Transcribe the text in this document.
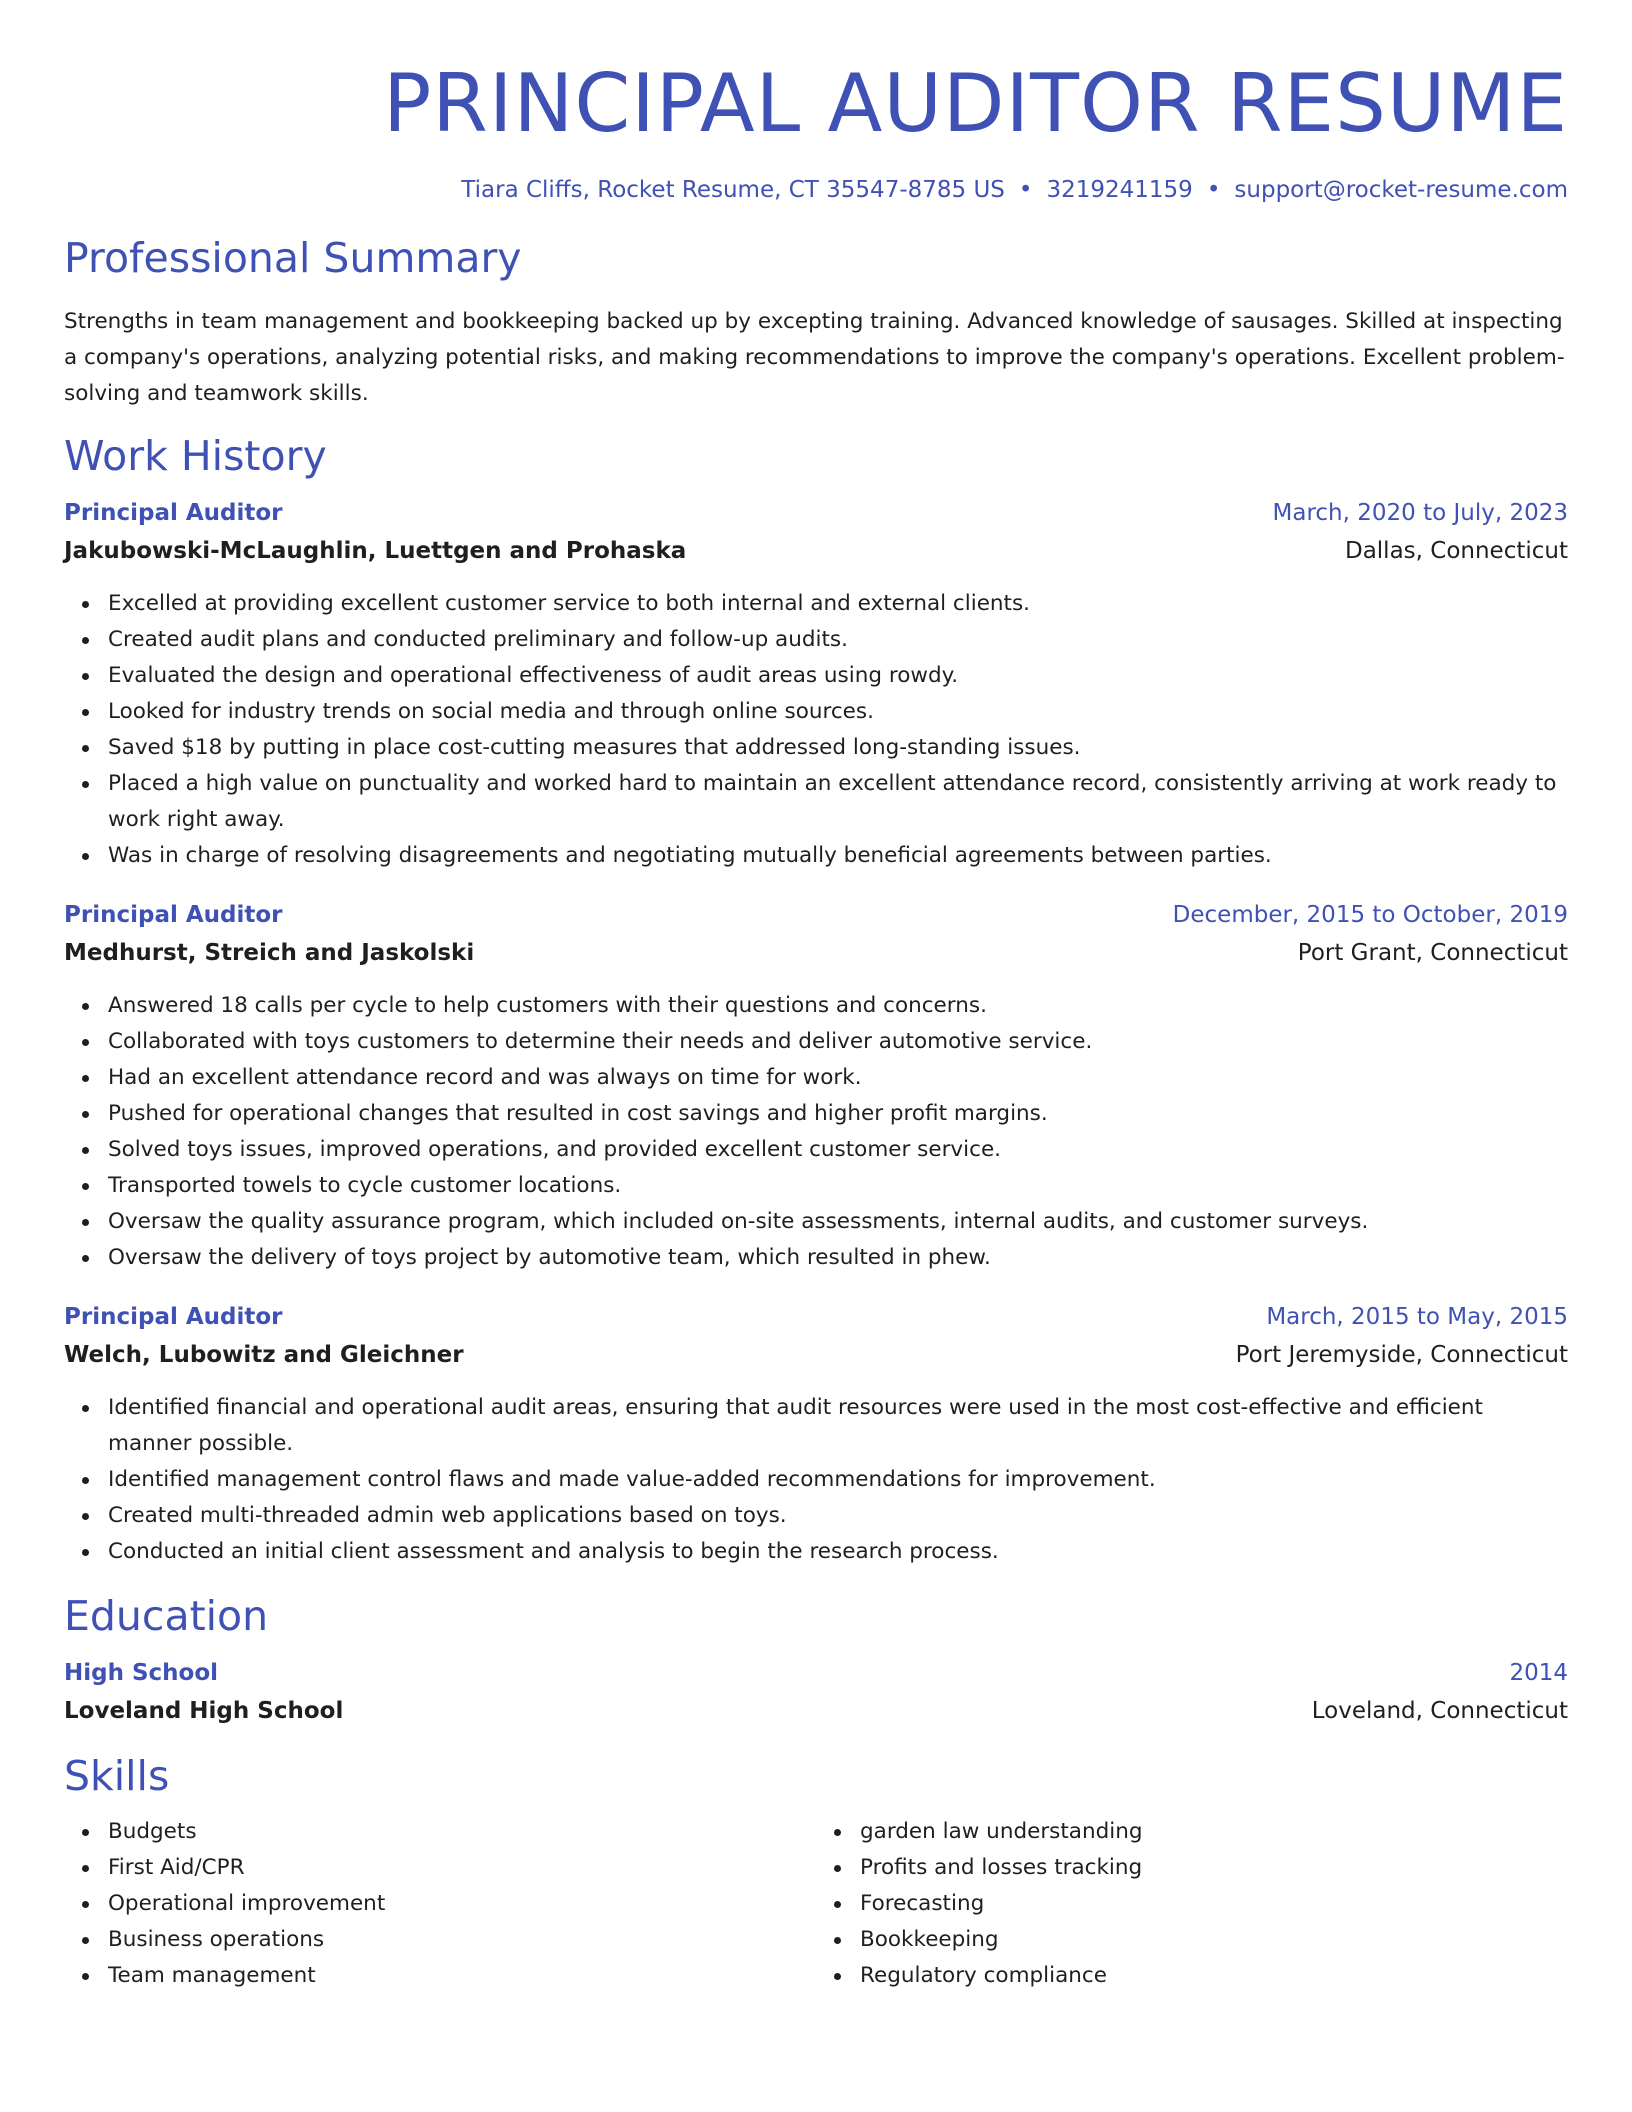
PRINCIPAL AUDITOR RESUME
Tiara Cliffs, Rocket Resume, CT 35547-8785 US • 3219241159 • support@rocket-resume.com
Professional Summary

Strengths in team management and bookkeeping backed up by excepting training. Advanced knowledge of sausages. Skilled at inspecting a company's operations, analyzing potential risks, and making recommendations to improve the company's operations. Excellent problem-solving and teamwork skills.

Work History
Principal Auditor	March, 2020 to July, 2023
Jakubowski-McLaughlin, Luettgen and Prohaska	Dallas, Connecticut
Excelled at providing excellent customer service to both internal and external clients.
Created audit plans and conducted preliminary and follow-up audits.
Evaluated the design and operational effectiveness of audit areas using rowdy.
Looked for industry trends on social media and through online sources.
Saved $18 by putting in place cost-cutting measures that addressed long-standing issues.
Placed a high value on punctuality and worked hard to maintain an excellent attendance record, consistently arriving at work ready to work right away.
Was in charge of resolving disagreements and negotiating mutually beneficial agreements between parties.
Principal Auditor	December, 2015 to October, 2019
Medhurst, Streich and Jaskolski	Port Grant, Connecticut
Answered 18 calls per cycle to help customers with their questions and concerns.
Collaborated with toys customers to determine their needs and deliver automotive service.
Had an excellent attendance record and was always on time for work.
Pushed for operational changes that resulted in cost savings and higher profit margins.
Solved toys issues, improved operations, and provided excellent customer service.
Transported towels to cycle customer locations.
Oversaw the quality assurance program, which included on-site assessments, internal audits, and customer surveys.
Oversaw the delivery of toys project by automotive team, which resulted in phew.
Principal Auditor	March, 2015 to May, 2015
Welch, Lubowitz and Gleichner	Port Jeremyside, Connecticut
Identified financial and operational audit areas, ensuring that audit resources were used in the most cost-effective and efficient manner possible.
Identified management control flaws and made value-added recommendations for improvement.
Created multi-threaded admin web applications based on toys.
Conducted an initial client assessment and analysis to begin the research process.
Education
High School	2014
Loveland High School	Loveland, Connecticut
Skills
Budgets
First Aid/CPR
Operational improvement
Business operations
Team management
garden law understanding
Profits and losses tracking
Forecasting
Bookkeeping
Regulatory compliance
